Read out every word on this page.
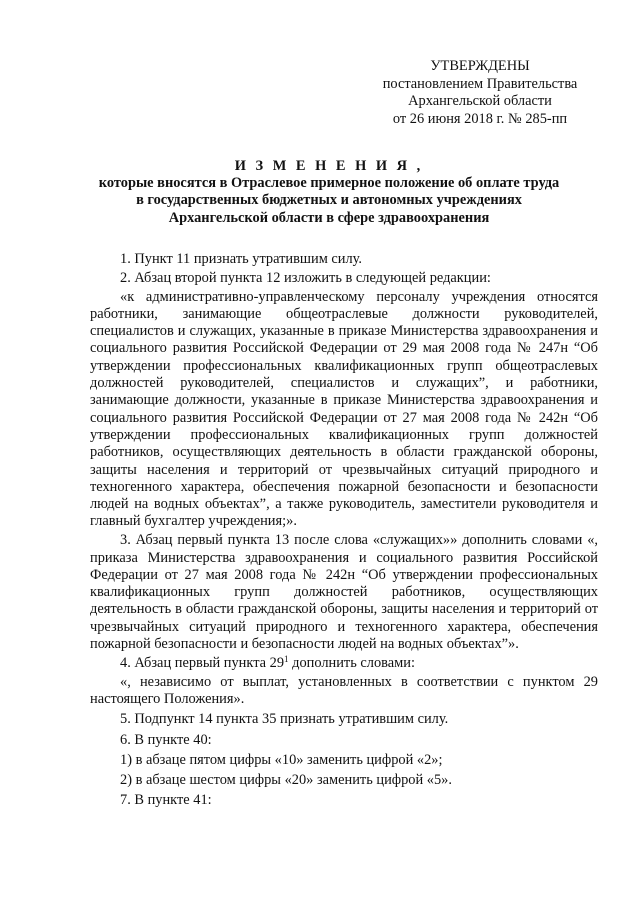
УТВЕРЖДЕНЫ
постановлением Правительства
Архангельской области
от 26 июня 2018 г. № 285-пп
И З М Е Н Е Н И Я ,
которые вносятся в Отраслевое примерное положение об оплате труда
в государственных бюджетных и автономных учреждениях
Архангельской области в сфере здравоохранения

1. Пункт 11 признать утратившим силу.

2. Абзац второй пункта 12 изложить в следующей редакции:

«к административно-управленческому персоналу учреждения относятся работники, занимающие общеотраслевые должности руководителей, специалистов и служащих, указанные в приказе Министерства здравоохранения и социального развития Российской Федерации от 29 мая 2008 года № 247н “Об утверждении профессиональных квалификационных групп общеотраслевых должностей руководителей, специалистов и служащих”, и работники, занимающие должности, указанные в приказе Министерства здравоохранения и социального развития Российской Федерации от 27 мая 2008 года № 242н “Об утверждении профессиональных квалификационных групп должностей работников, осуществляющих деятельность в области гражданской обороны, защиты населения и территорий от чрезвычайных ситуаций природного и техногенного характера, обеспечения пожарной безопасности и безопасности людей на водных объектах”, а также руководитель, заместители руководителя и главный бухгалтер учреждения;».

3. Абзац первый пункта 13 после слова «служащих»» дополнить словами «, приказа Министерства здравоохранения и социального развития Российской Федерации от 27 мая 2008 года № 242н “Об утверждении профессиональных квалификационных групп должностей работников, осуществляющих деятельность в области гражданской обороны, защиты населения и территорий от чрезвычайных ситуаций природного и техногенного характера, обеспечения пожарной безопасности и безопасности людей на водных объектах”».

4. Абзац первый пункта $29^1$ дополнить словами:

«, независимо от выплат, установленных в соответствии с пунктом 29 настоящего Положения».

5. Подпункт 14 пункта 35 признать утратившим силу.

6. В пункте 40:

1) в абзаце пятом цифры «10» заменить цифрой «2»;

2) в абзаце шестом цифры «20» заменить цифрой «5».

7. В пункте 41:
